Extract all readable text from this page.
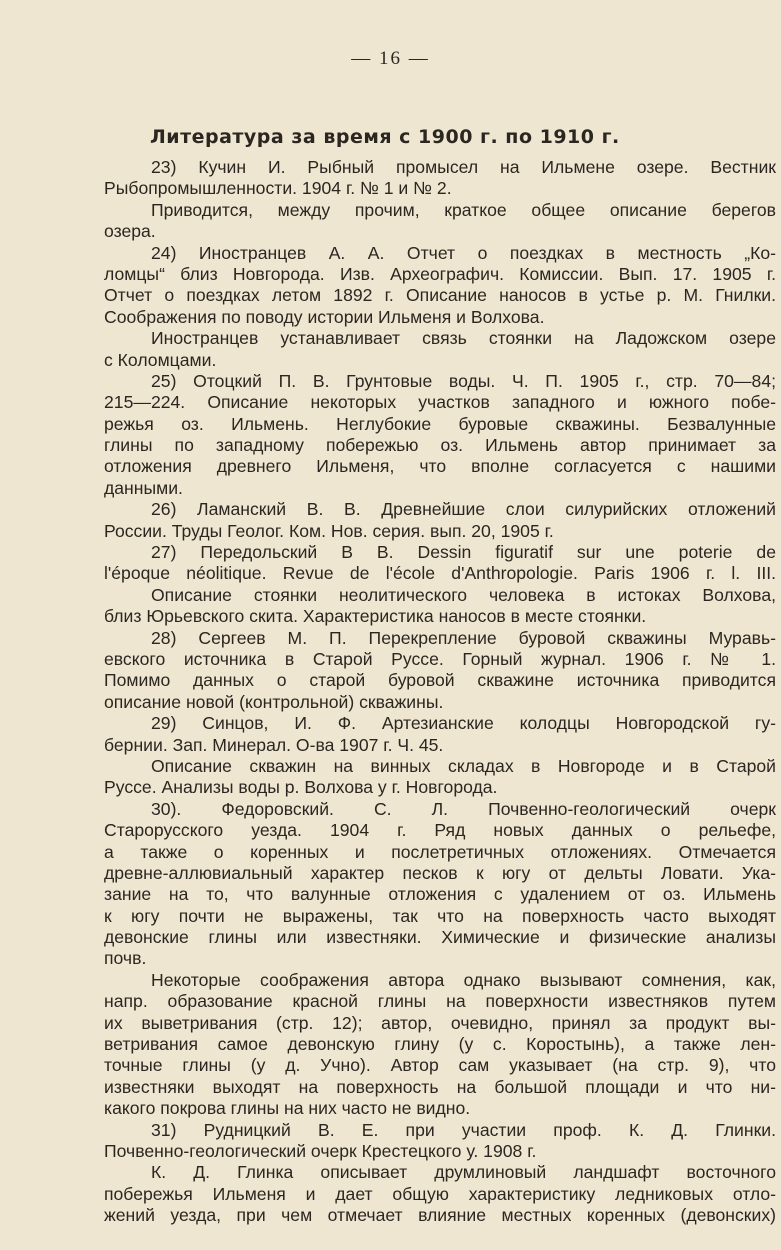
— 16 —
Литература за время с 1900 г. по 1910 г.
23) Кучин И. Рыбный промысел на Ильмене озере. Вестник
Рыбопромышленности. 1904 г. № 1 и № 2.
Приводится, между прочим, краткое общее описание берегов
озера.
24) Иностранцев А. А. Отчет о поездках в местность „Ко-
ломцы“ близ Новгорода. Изв. Археографич. Комиссии. Вып. 17. 1905 г.
Отчет о поездках летом 1892 г. Описание наносов в устье р. М. Гнилки.
Соображения по поводу истории Ильменя и Волхова.
Иностранцев устанавливает связь стоянки на Ладожском озере
с Коломцами.
25) Отоцкий П. В. Грунтовые воды. Ч. П. 1905 г., стр. 70—84;
215—224. Описание некоторых участков западного и южного побе-
режья оз. Ильмень. Неглубокие буровые скважины. Безвалунные
глины по западному побережью оз. Ильмень автор принимает за
отложения древнего Ильменя, что вполне согласуется с нашими
данными.
26) Ламанский В. В. Древнейшие слои силурийских отложений
России. Труды Геолог. Ком. Нов. серия. вып. 20, 1905 г.
27) Передольский В В. Dessin figuratif sur une poterie de
l'époque néolitique. Revue de l'école d'Anthropologie. Paris 1906 г. l. III.
Описание стоянки неолитического человека в истоках Волхова,
близ Юрьевского скита. Характеристика наносов в месте стоянки.
28) Сергеев М. П. Перекрепление буровой скважины Муравь-
евского источника в Старой Руссе. Горный журнал. 1906 г. № 1.
Помимо данных о старой буровой скважине источника приводится
описание новой (контрольной) скважины.
29) Синцов, И. Ф. Артезианские колодцы Новгородской гу-
бернии. Зап. Минерал. О-ва 1907 г. Ч. 45.
Описание скважин на винных складах в Новгороде и в Старой
Руссе. Анализы воды р. Волхова у г. Новгорода.
30). Федоровский. С. Л. Почвенно-геологический очерк
Старорусского уезда. 1904 г. Ряд новых данных о рельефе,
а также о коренных и послетретичных отложениях. Отмечается
древне-аллювиальный характер песков к югу от дельты Ловати. Ука-
зание на то, что валунные отложения с удалением от оз. Ильмень
к югу почти не выражены, так что на поверхность часто выходят
девонские глины или известняки. Химические и физические анализы
почв.
Некоторые соображения автора однако вызывают сомнения, как,
напр. образование красной глины на поверхности известняков путем
их выветривания (стр. 12); автор, очевидно, принял за продукт вы-
ветривания самое девонскую глину (у с. Коростынь), а также лен-
точные глины (у д. Учно). Автор сам указывает (на стр. 9), что
известняки выходят на поверхность на большой площади и что ни-
какого покрова глины на них часто не видно.
31) Рудницкий В. Е. при участии проф. К. Д. Глинки.
Почвенно-геологический очерк Крестецкого у. 1908 г.
К. Д. Глинка описывает друмлиновый ландшафт восточного
побережья Ильменя и дает общую характеристику ледниковых отло-
жений уезда, при чем отмечает влияние местных коренных (девонских)
